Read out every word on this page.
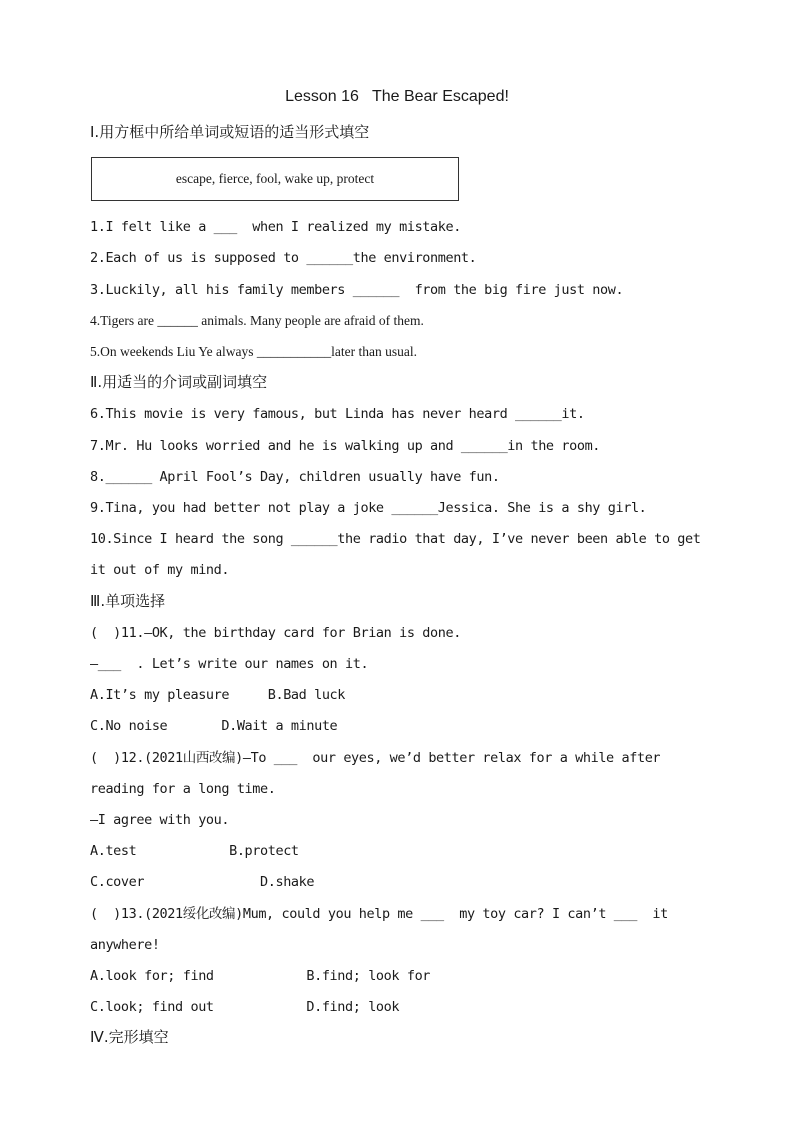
Lesson 16   The Bear Escaped!
Ⅰ.用方框中所给单词或短语的适当形式填空
escape, fierce, fool, wake up, protect
1.I felt like a ___  when I realized my mistake.
2.Each of us is supposed to ______the environment.
3.Luckily, all his family members ______  from the big fire just now.
4.Tigers are ______ animals. Many people are afraid of them.
5.On weekends Liu Ye always ___________later than usual.
Ⅱ.用适当的介词或副词填空
6.This movie is very famous, but Linda has never heard ______it.
7.Mr. Hu looks worried and he is walking up and ______in the room.
8.______ April Fool’s Day, children usually have fun.
9.Tina, you had better not play a joke ______Jessica. She is a shy girl.
10.Since I heard the song ______the radio that day, I’ve never been able to get
it out of my mind.
Ⅲ.单项选择
(  )11.—OK, the birthday card for Brian is done.
—___  . Let’s write our names on it.
A.It’s my pleasure     B.Bad luck
C.No noise       D.Wait a minute
(  )12.(2021山西改编)—To ___  our eyes, we’d better relax for a while after
reading for a long time.
—I agree with you.
A.test            B.protect
C.cover               D.shake
(  )13.(2021绥化改编)Mum, could you help me ___  my toy car? I can’t ___  it
anywhere!
A.look for; find            B.find; look for
C.look; find out            D.find; look
Ⅳ.完形填空
